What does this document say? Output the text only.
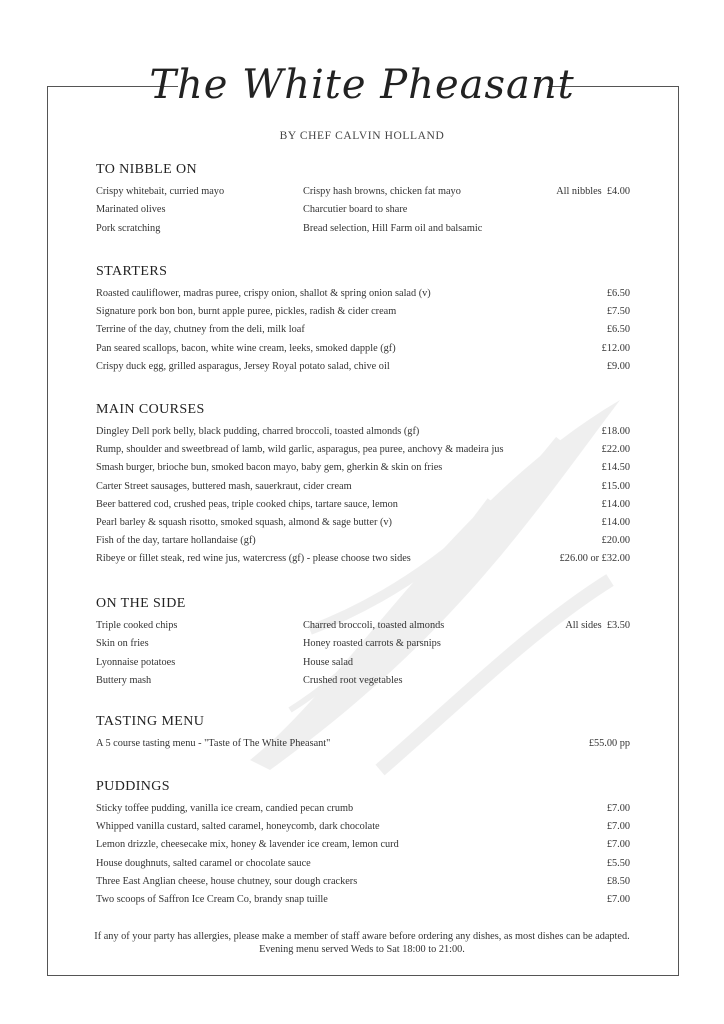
The White Pheasant
BY CHEF CALVIN HOLLAND
TO NIBBLE ON
Crispy whitebait, curried mayo	Crispy hash browns, chicken fat mayo	All nibbles  £4.00
Marinated olives	Charcutier board to share
Pork scratching	Bread selection, Hill Farm oil and balsamic
STARTERS
Roasted cauliflower, madras puree, crispy onion, shallot & spring onion salad (v)	£6.50
Signature pork bon bon, burnt apple puree, pickles, radish & cider cream	£7.50
Terrine of the day, chutney from the deli, milk loaf	£6.50
Pan seared scallops, bacon, white wine cream, leeks, smoked dapple (gf)	£12.00
Crispy duck egg, grilled asparagus, Jersey Royal potato salad, chive oil	£9.00
MAIN COURSES
Dingley Dell pork belly, black pudding, charred broccoli, toasted almonds (gf)	£18.00
Rump, shoulder and sweetbread of lamb, wild garlic, asparagus, pea puree, anchovy & madeira jus	£22.00
Smash burger, brioche bun, smoked bacon mayo, baby gem, gherkin & skin on fries	£14.50
Carter Street sausages, buttered mash, sauerkraut, cider cream	£15.00
Beer battered cod, crushed peas, triple cooked chips, tartare sauce, lemon	£14.00
Pearl barley & squash risotto, smoked squash, almond & sage butter (v)	£14.00
Fish of the day, tartare hollandaise (gf)	£20.00
Ribeye or fillet steak, red wine jus, watercress (gf) - please choose two sides	£26.00 or £32.00
ON THE SIDE
Triple cooked chips	Charred broccoli, toasted almonds	All sides  £3.50
Skin on fries	Honey roasted carrots & parsnips
Lyonnaise potatoes	House salad
Buttery mash	Crushed root vegetables
TASTING MENU
A 5 course tasting menu - "Taste of The White Pheasant"	£55.00 pp
PUDDINGS
Sticky toffee pudding, vanilla ice cream, candied pecan crumb	£7.00
Whipped vanilla custard, salted caramel, honeycomb, dark chocolate	£7.00
Lemon drizzle, cheesecake mix, honey & lavender ice cream, lemon curd	£7.00
House doughnuts, salted caramel or chocolate sauce	£5.50
Three East Anglian cheese, house chutney, sour dough crackers	£8.50
Two scoops of Saffron Ice Cream Co, brandy snap tuille	£7.00
If any of your party has allergies, please make a member of staff aware before ordering any dishes, as most dishes can be adapted.
Evening menu served Weds to Sat 18:00 to 21:00.
